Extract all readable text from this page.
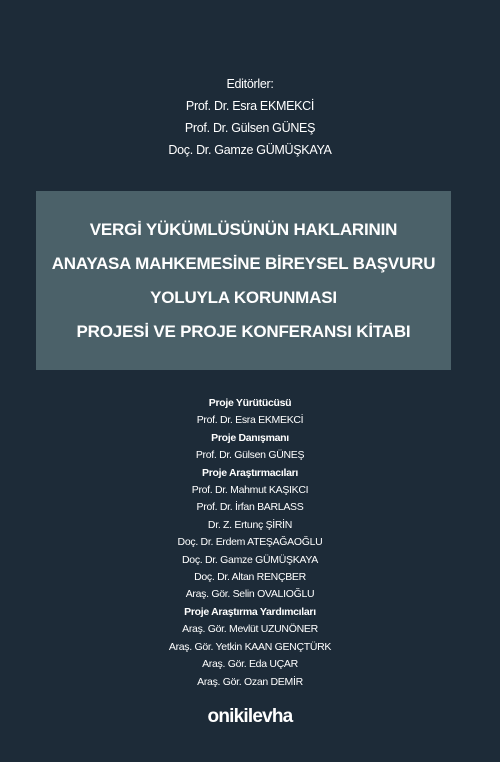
Editörler:
Prof. Dr. Esra EKMEKCİ
Prof. Dr. Gülsen GÜNEŞ
Doç. Dr. Gamze GÜMÜŞKAYA
VERGİ YÜKÜMLÜSÜNÜN HAKLARININ
ANAYASA MAHKEMESİNE BİREYSEL BAŞVURU
YOLUYLA KORUNMASI
PROJESİ VE PROJE KONFERANSI KİTABI
Proje Yürütücüsü
Prof. Dr. Esra EKMEKCİ
Proje Danışmanı
Prof. Dr. Gülsen GÜNEŞ
Proje Araştırmacıları
Prof. Dr. Mahmut KAŞIKCI
Prof. Dr. İrfan BARLASS
Dr. Z. Ertunç ŞİRİN
Doç. Dr. Erdem ATEŞAĞAOĞLU
Doç. Dr. Gamze GÜMÜŞKAYA
Doç. Dr. Altan RENÇBER
Araş. Gör. Selin OVALIOĞLU
Proje Araştırma Yardımcıları
Araş. Gör. Mevlüt UZUNÖNER
Araş. Gör. Yetkin KAAN GENÇTÜRK
Araş. Gör. Eda UÇAR
Araş. Gör. Ozan DEMİR
onikilevha
